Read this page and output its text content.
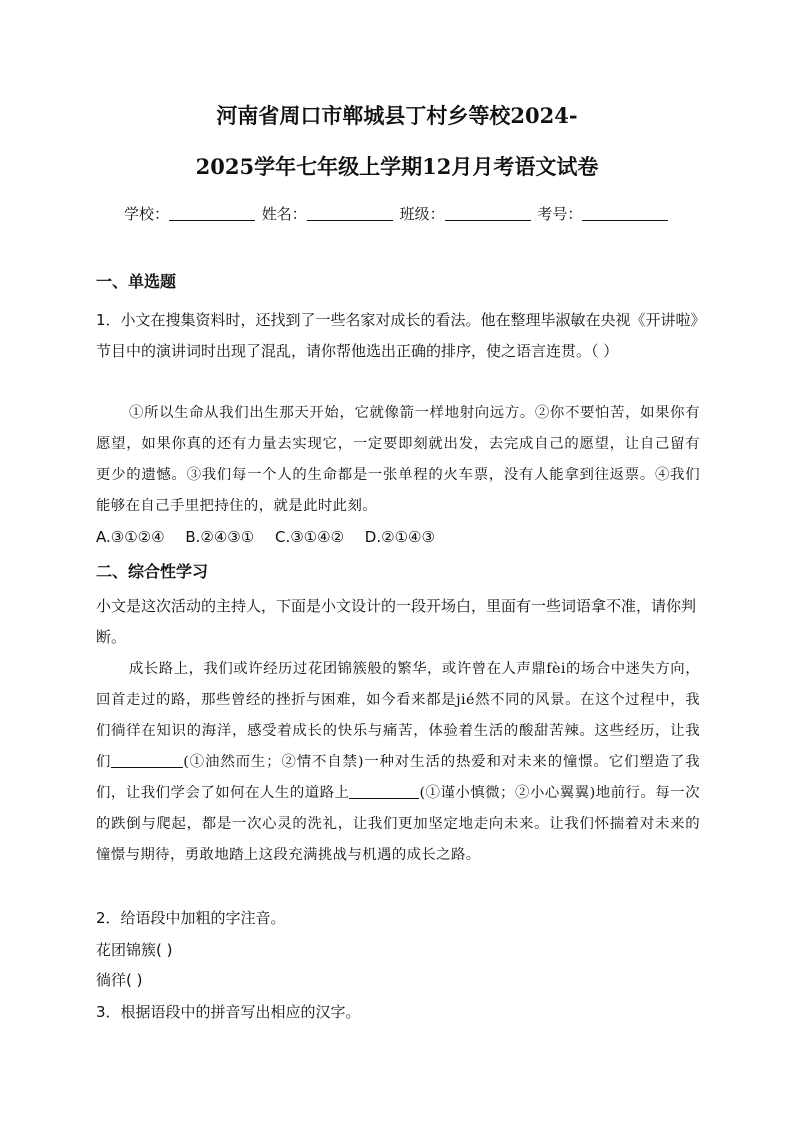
河南省周口市郸城县丁村乡等校2024-
2025学年七年级上学期12月月考语文试卷
学校：	姓名：	班级：	考号：
一、单选题
1．小文在搜集资料时，还找到了一些名家对成长的看法。他在整理毕淑敏在央视《开讲啦》节目中的演讲词时出现了混乱，请你帮他选出正确的排序，使之语言连贯。（ ）
①所以生命从我们出生那天开始，它就像箭一样地射向远方。②你不要怕苦，如果你有愿望，如果你真的还有力量去实现它，一定要即刻就出发，去完成自己的愿望，让自己留有更少的遗憾。③我们每一个人的生命都是一张单程的火车票，没有人能拿到往返票。④我们能够在自己手里把持住的，就是此时此刻。
A.③①②④ B.②④③① C.③①④② D.②①④③
二、综合性学习
小文是这次活动的主持人，下面是小文设计的一段开场白，里面有一些词语拿不准，请你判断。
成长路上，我们或许经历过花团锦簇般的繁华，或许曾在人声鼎fèi的场合中迷失方向，回首走过的路，那些曾经的挫折与困难，如今看来都是jié然不同的风景。在这个过程中，我们徜徉在知识的海洋，感受着成长的快乐与痛苦，体验着生活的酸甜苦辣。这些经历，让我们	(①油然而生；②情不自禁)一种对生活的热爱和对未来的憧憬。它们塑造了我们，让我们学会了如何在人生的道路上	(①谨小慎微；②小心翼翼)地前行。每一次的跌倒与爬起，都是一次心灵的洗礼，让我们更加坚定地走向未来。让我们怀揣着对未来的憧憬与期待，勇敢地踏上这段充满挑战与机遇的成长之路。
2．给语段中加粗的字注音。
花团锦簇( )
徜徉( )
3．根据语段中的拼音写出相应的汉字。
